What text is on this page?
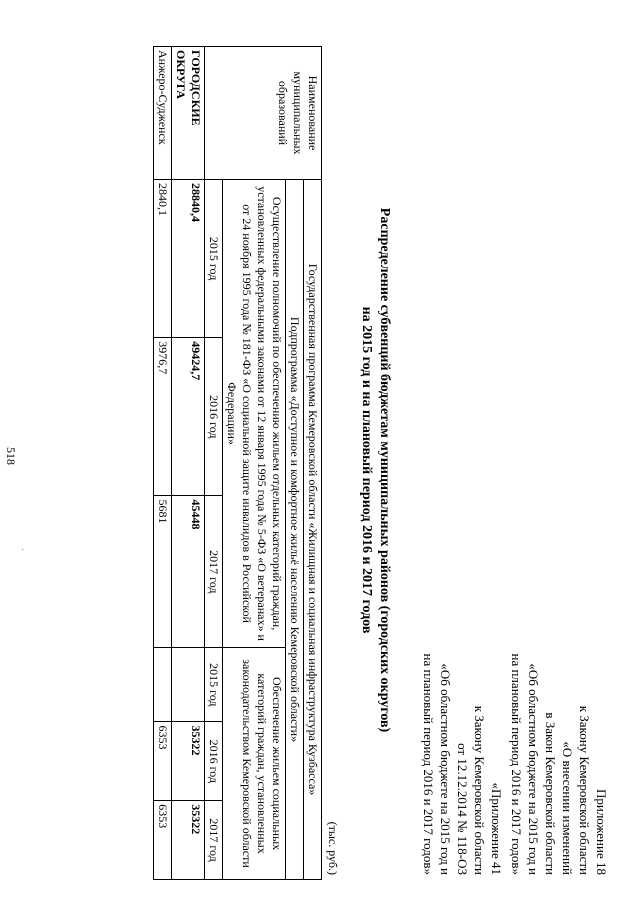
518
·
Приложение 18
к Закону Кемеровской области
«О внесении изменений
в Закон Кемеровской области
«Об областном бюджете на 2015 год и
на плановый период 2016 и 2017 годов»
«Приложение 41
к Закону Кемеровской области
от 12.12.2014 № 118-ОЗ
«Об областном бюджете на 2015 год и
на плановый период 2016 и 2017 годов»
Распределение субвенций бюджетам муниципальных районов (городских округов)
на 2015 год и на плановый период 2016 и 2017 годов
(тыс. руб.)
Наименование муниципальных образований	Государственная программа Кемеровской области «Жилищная и социальная инфраструктура Кузбасса»					
	Подпрограмма «Доступное и комфортное жильё населению Кемеровской области»					
	Осуществление полномочий по обеспечению жильем отдельных категорий граждан, установленных федеральными законами от 12 января 1995 года № 5-ФЗ «О ветеранах» и от 24 ноября 1995 года № 181-ФЗ «О социальной защите инвалидов в Российской Федерации»			Обеспечение жильем социальных категорий граждан, установленных законодательством Кемеровской области		
	2015 год	2016 год	2017 год	2015 год	2016 год	2017 год
ГОРОДСКИЕ ОКРУГА	28840,4	49424,7	45448		35322	35322
Анжеро-Судженск	2840,1	3976,7	5681		6353	6353
